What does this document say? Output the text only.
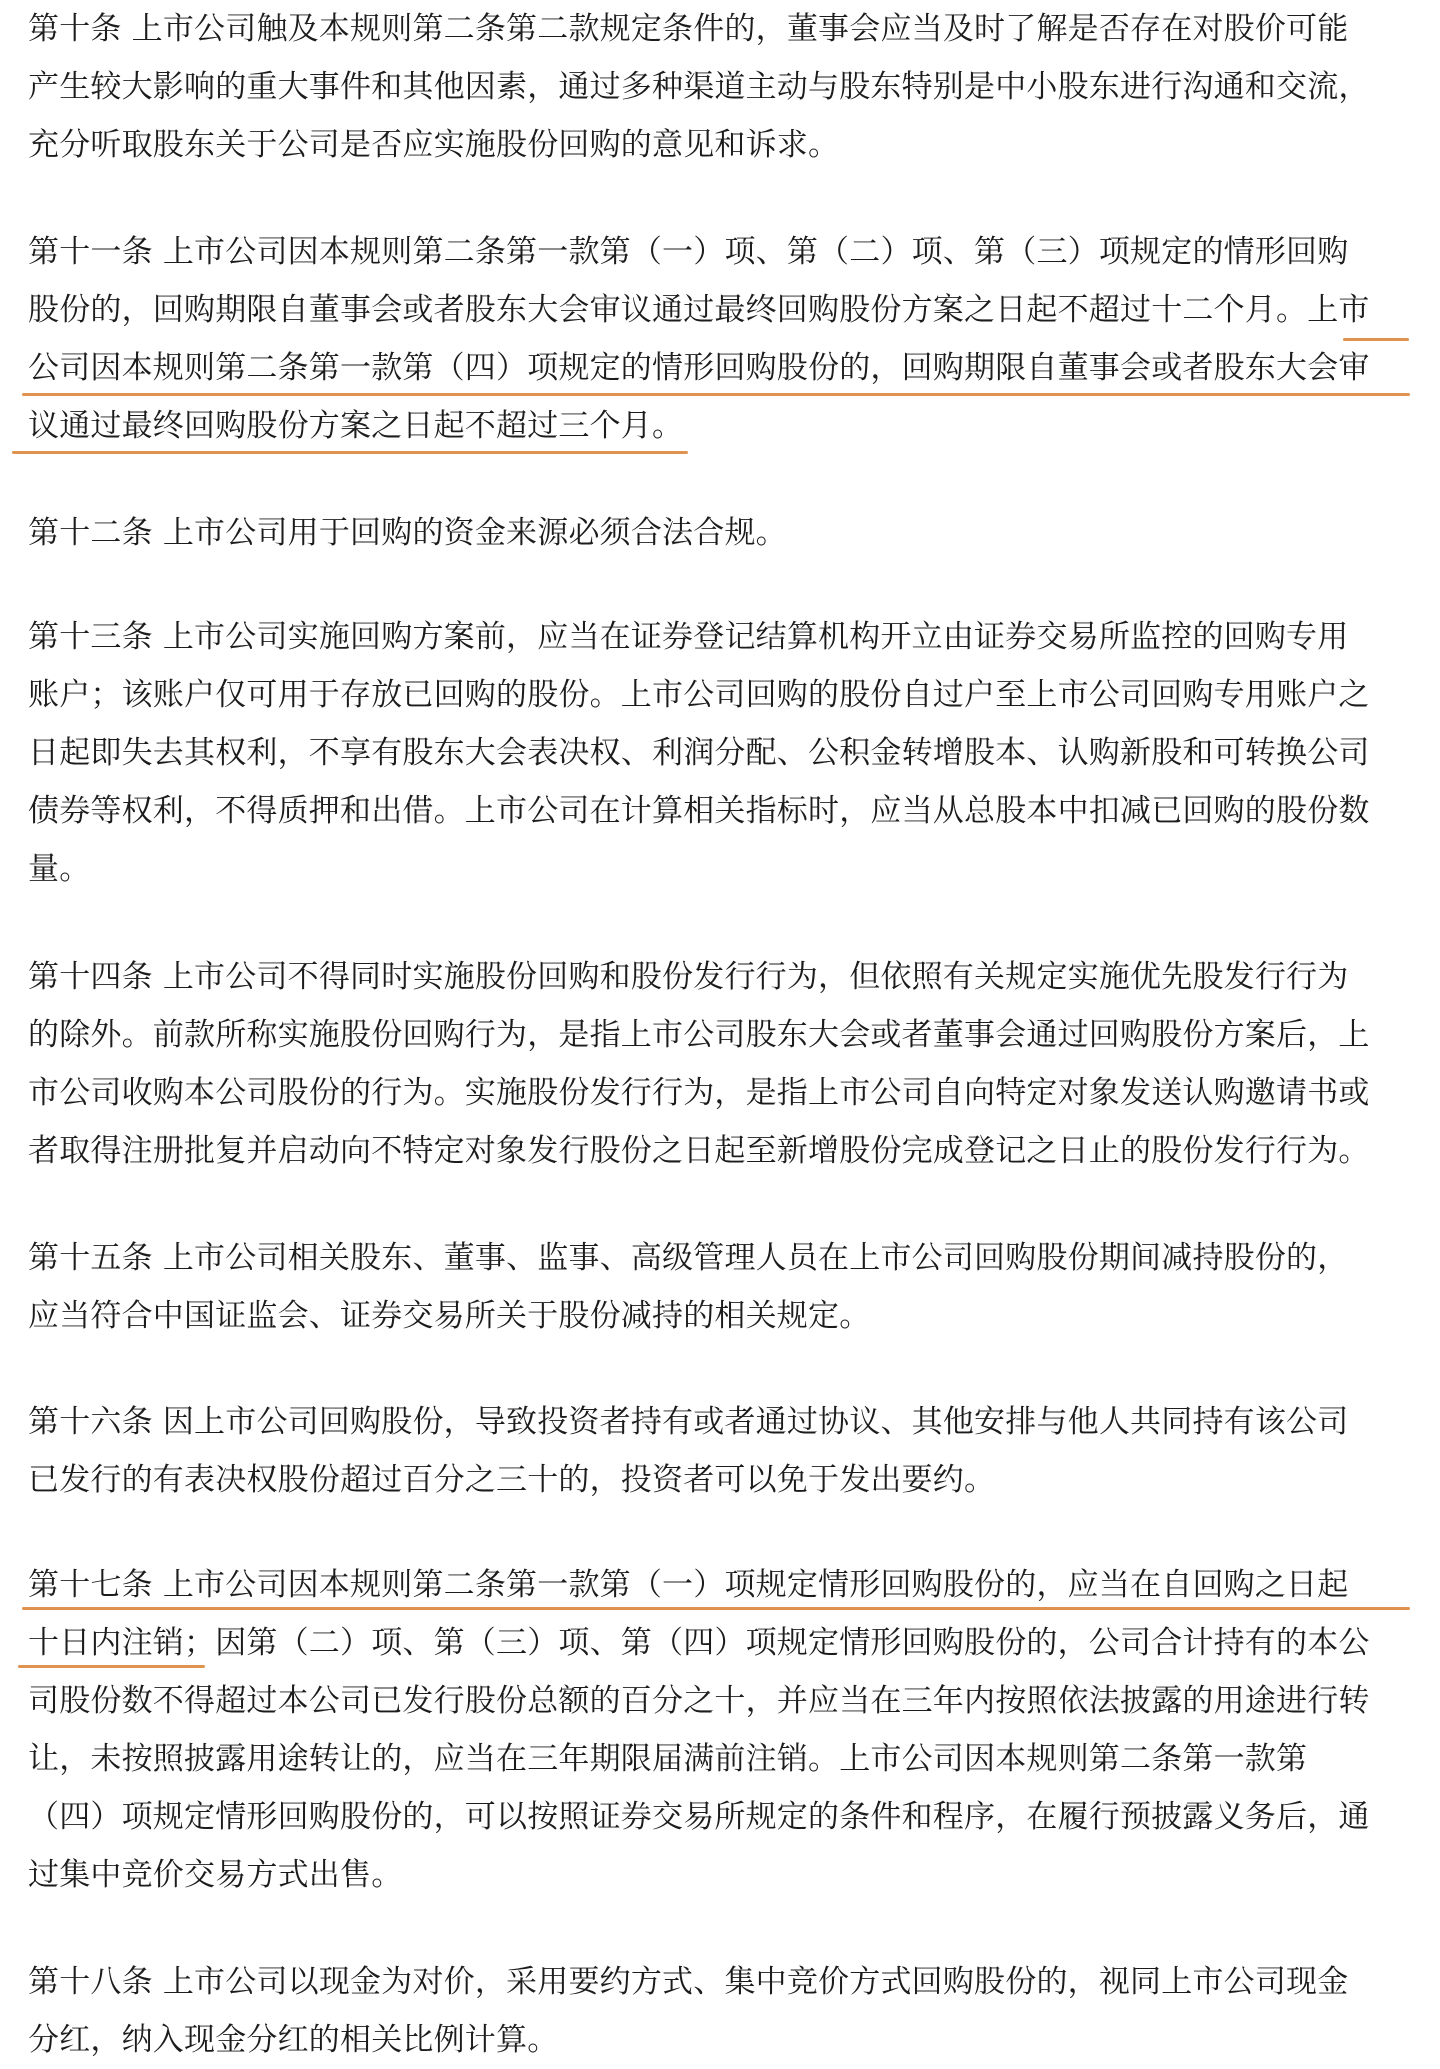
第十条 上市公司触及本规则第二条第二款规定条件的，董事会应当及时了解是否存在对股价可能
产生较大影响的重大事件和其他因素，通过多种渠道主动与股东特别是中小股东进行沟通和交流，
充分听取股东关于公司是否应实施股份回购的意见和诉求。
第十一条 上市公司因本规则第二条第一款第（一）项、第（二）项、第（三）项规定的情形回购
股份的，回购期限自董事会或者股东大会审议通过最终回购股份方案之日起不超过十二个月。上市
公司因本规则第二条第一款第（四）项规定的情形回购股份的，回购期限自董事会或者股东大会审
议通过最终回购股份方案之日起不超过三个月。
第十二条 上市公司用于回购的资金来源必须合法合规。
第十三条 上市公司实施回购方案前，应当在证券登记结算机构开立由证券交易所监控的回购专用
账户；该账户仅可用于存放已回购的股份。上市公司回购的股份自过户至上市公司回购专用账户之
日起即失去其权利，不享有股东大会表决权、利润分配、公积金转增股本、认购新股和可转换公司
债券等权利，不得质押和出借。上市公司在计算相关指标时，应当从总股本中扣减已回购的股份数
量。
第十四条 上市公司不得同时实施股份回购和股份发行行为，但依照有关规定实施优先股发行行为
的除外。前款所称实施股份回购行为，是指上市公司股东大会或者董事会通过回购股份方案后，上
市公司收购本公司股份的行为。实施股份发行行为，是指上市公司自向特定对象发送认购邀请书或
者取得注册批复并启动向不特定对象发行股份之日起至新增股份完成登记之日止的股份发行行为。
第十五条 上市公司相关股东、董事、监事、高级管理人员在上市公司回购股份期间减持股份的，
应当符合中国证监会、证券交易所关于股份减持的相关规定。
第十六条 因上市公司回购股份，导致投资者持有或者通过协议、其他安排与他人共同持有该公司
已发行的有表决权股份超过百分之三十的，投资者可以免于发出要约。
第十七条 上市公司因本规则第二条第一款第（一）项规定情形回购股份的，应当在自回购之日起
十日内注销；因第（二）项、第（三）项、第（四）项规定情形回购股份的，公司合计持有的本公
司股份数不得超过本公司已发行股份总额的百分之十，并应当在三年内按照依法披露的用途进行转
让，未按照披露用途转让的，应当在三年期限届满前注销。上市公司因本规则第二条第一款第
（四）项规定情形回购股份的，可以按照证券交易所规定的条件和程序，在履行预披露义务后，通
过集中竞价交易方式出售。
第十八条 上市公司以现金为对价，采用要约方式、集中竞价方式回购股份的，视同上市公司现金
分红，纳入现金分红的相关比例计算。
